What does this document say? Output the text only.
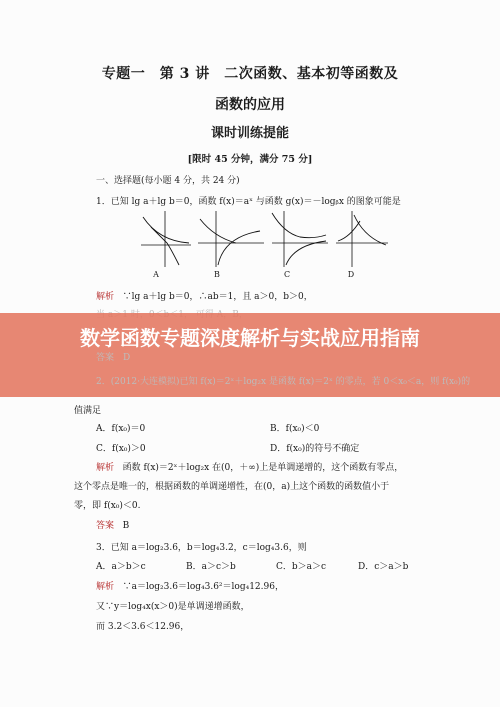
专题一　第 3 讲　二次函数、基本初等函数及
函数的应用
课时训练提能
[限时 45 分钟，满分 75 分]
一、选择题(每小题 4 分，共 24 分)
1．已知 lg a＋lg b＝0，函数 f(x)＝aˣ 与函数 g(x)＝－logᵦx 的图象可能是
A	B	C	D
解析 ∵lg a＋lg b＝0，∴ab＝1，且 a＞0，b＞0，
答案　D
2．(2012·大连模拟)已知 f(x)＝2ˣ＋log₂x 是函数 f(x)＝2ˣ 的零点，若 0＜x₀＜a，则 f(x₀)的
数学函数专题深度解析与实战应用指南
值满足
A．f(x₀)＝0	B．f(x₀)＜0
C．f(x₀)＞0	D．f(x₀)的符号不确定
解析 函数 f(x)＝2ˣ＋log₂x 在(0，＋∞)上是单调递增的，这个函数有零点，
这个零点是唯一的，根据函数的单调递增性，在(0，a)上这个函数的函数值小于
零，即 f(x₀)＜0.
答案 B
3．已知 a＝log₂3.6，b＝log₄3.2，c＝log₄3.6，则
A．a＞b＞c	B．a＞c＞b	C．b＞a＞c	D．c＞a＞b
解析 ∵a＝log₂3.6＝log₄3.6²＝log₄12.96，
又∵y＝log₄x(x＞0)是单调递增函数，
而 3.2＜3.6＜12.96，
